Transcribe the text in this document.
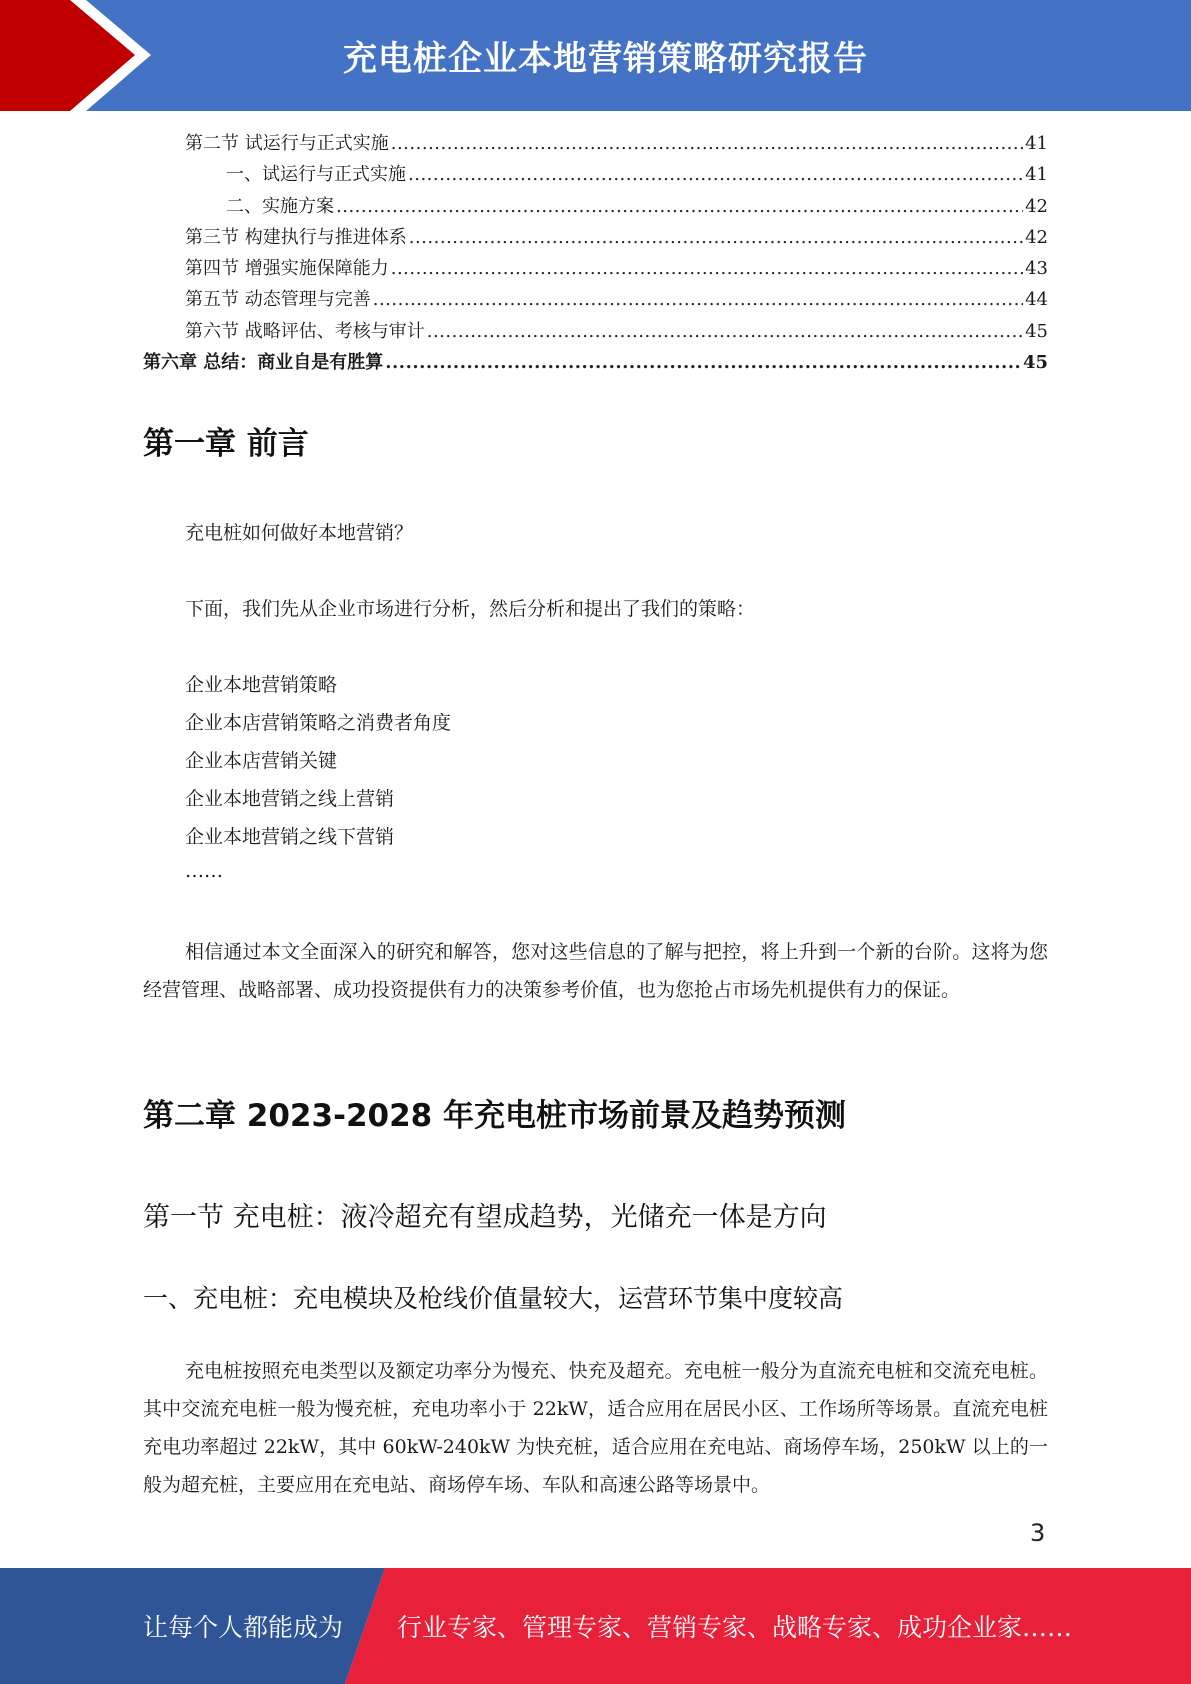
充电桩企业本地营销策略研究报告
第二节 试运行与正式实施 .....	41
一、试运行与正式实施 .....	41
二、实施方案 .....	42
第三节 构建执行与推进体系 .....	42
第四节 增强实施保障能力 .....	43
第五节 动态管理与完善 .....	44
第六节 战略评估、考核与审计 .....	45
第六章 总结：商业自是有胜算 .....	45
第一章 前言
充电桩如何做好本地营销？
下面，我们先从企业市场进行分析，然后分析和提出了我们的策略：
企业本地营销策略
企业本店营销策略之消费者角度
企业本店营销关键
企业本地营销之线上营销
企业本地营销之线下营销
……
相信通过本文全面深入的研究和解答，您对这些信息的了解与把控，将上升到一个新的台阶。这将为您经营管理、战略部署、成功投资提供有力的决策参考价值，也为您抢占市场先机提供有力的保证。
第二章 2023-2028 年充电桩市场前景及趋势预测
第一节 充电桩：液冷超充有望成趋势，光储充一体是方向
一、充电桩：充电模块及枪线价值量较大，运营环节集中度较高
充电桩按照充电类型以及额定功率分为慢充、快充及超充。充电桩一般分为直流充电桩和交流充电桩。其中交流充电桩一般为慢充桩，充电功率小于 22kW，适合应用在居民小区、工作场所等场景。直流充电桩充电功率超过 22kW，其中 60kW-240kW 为快充桩，适合应用在充电站、商场停车场，250kW 以上的一般为超充桩，主要应用在充电站、商场停车场、车队和高速公路等场景中。
3
让每个人都能成为 行业专家、管理专家、营销专家、战略专家、成功企业家……
